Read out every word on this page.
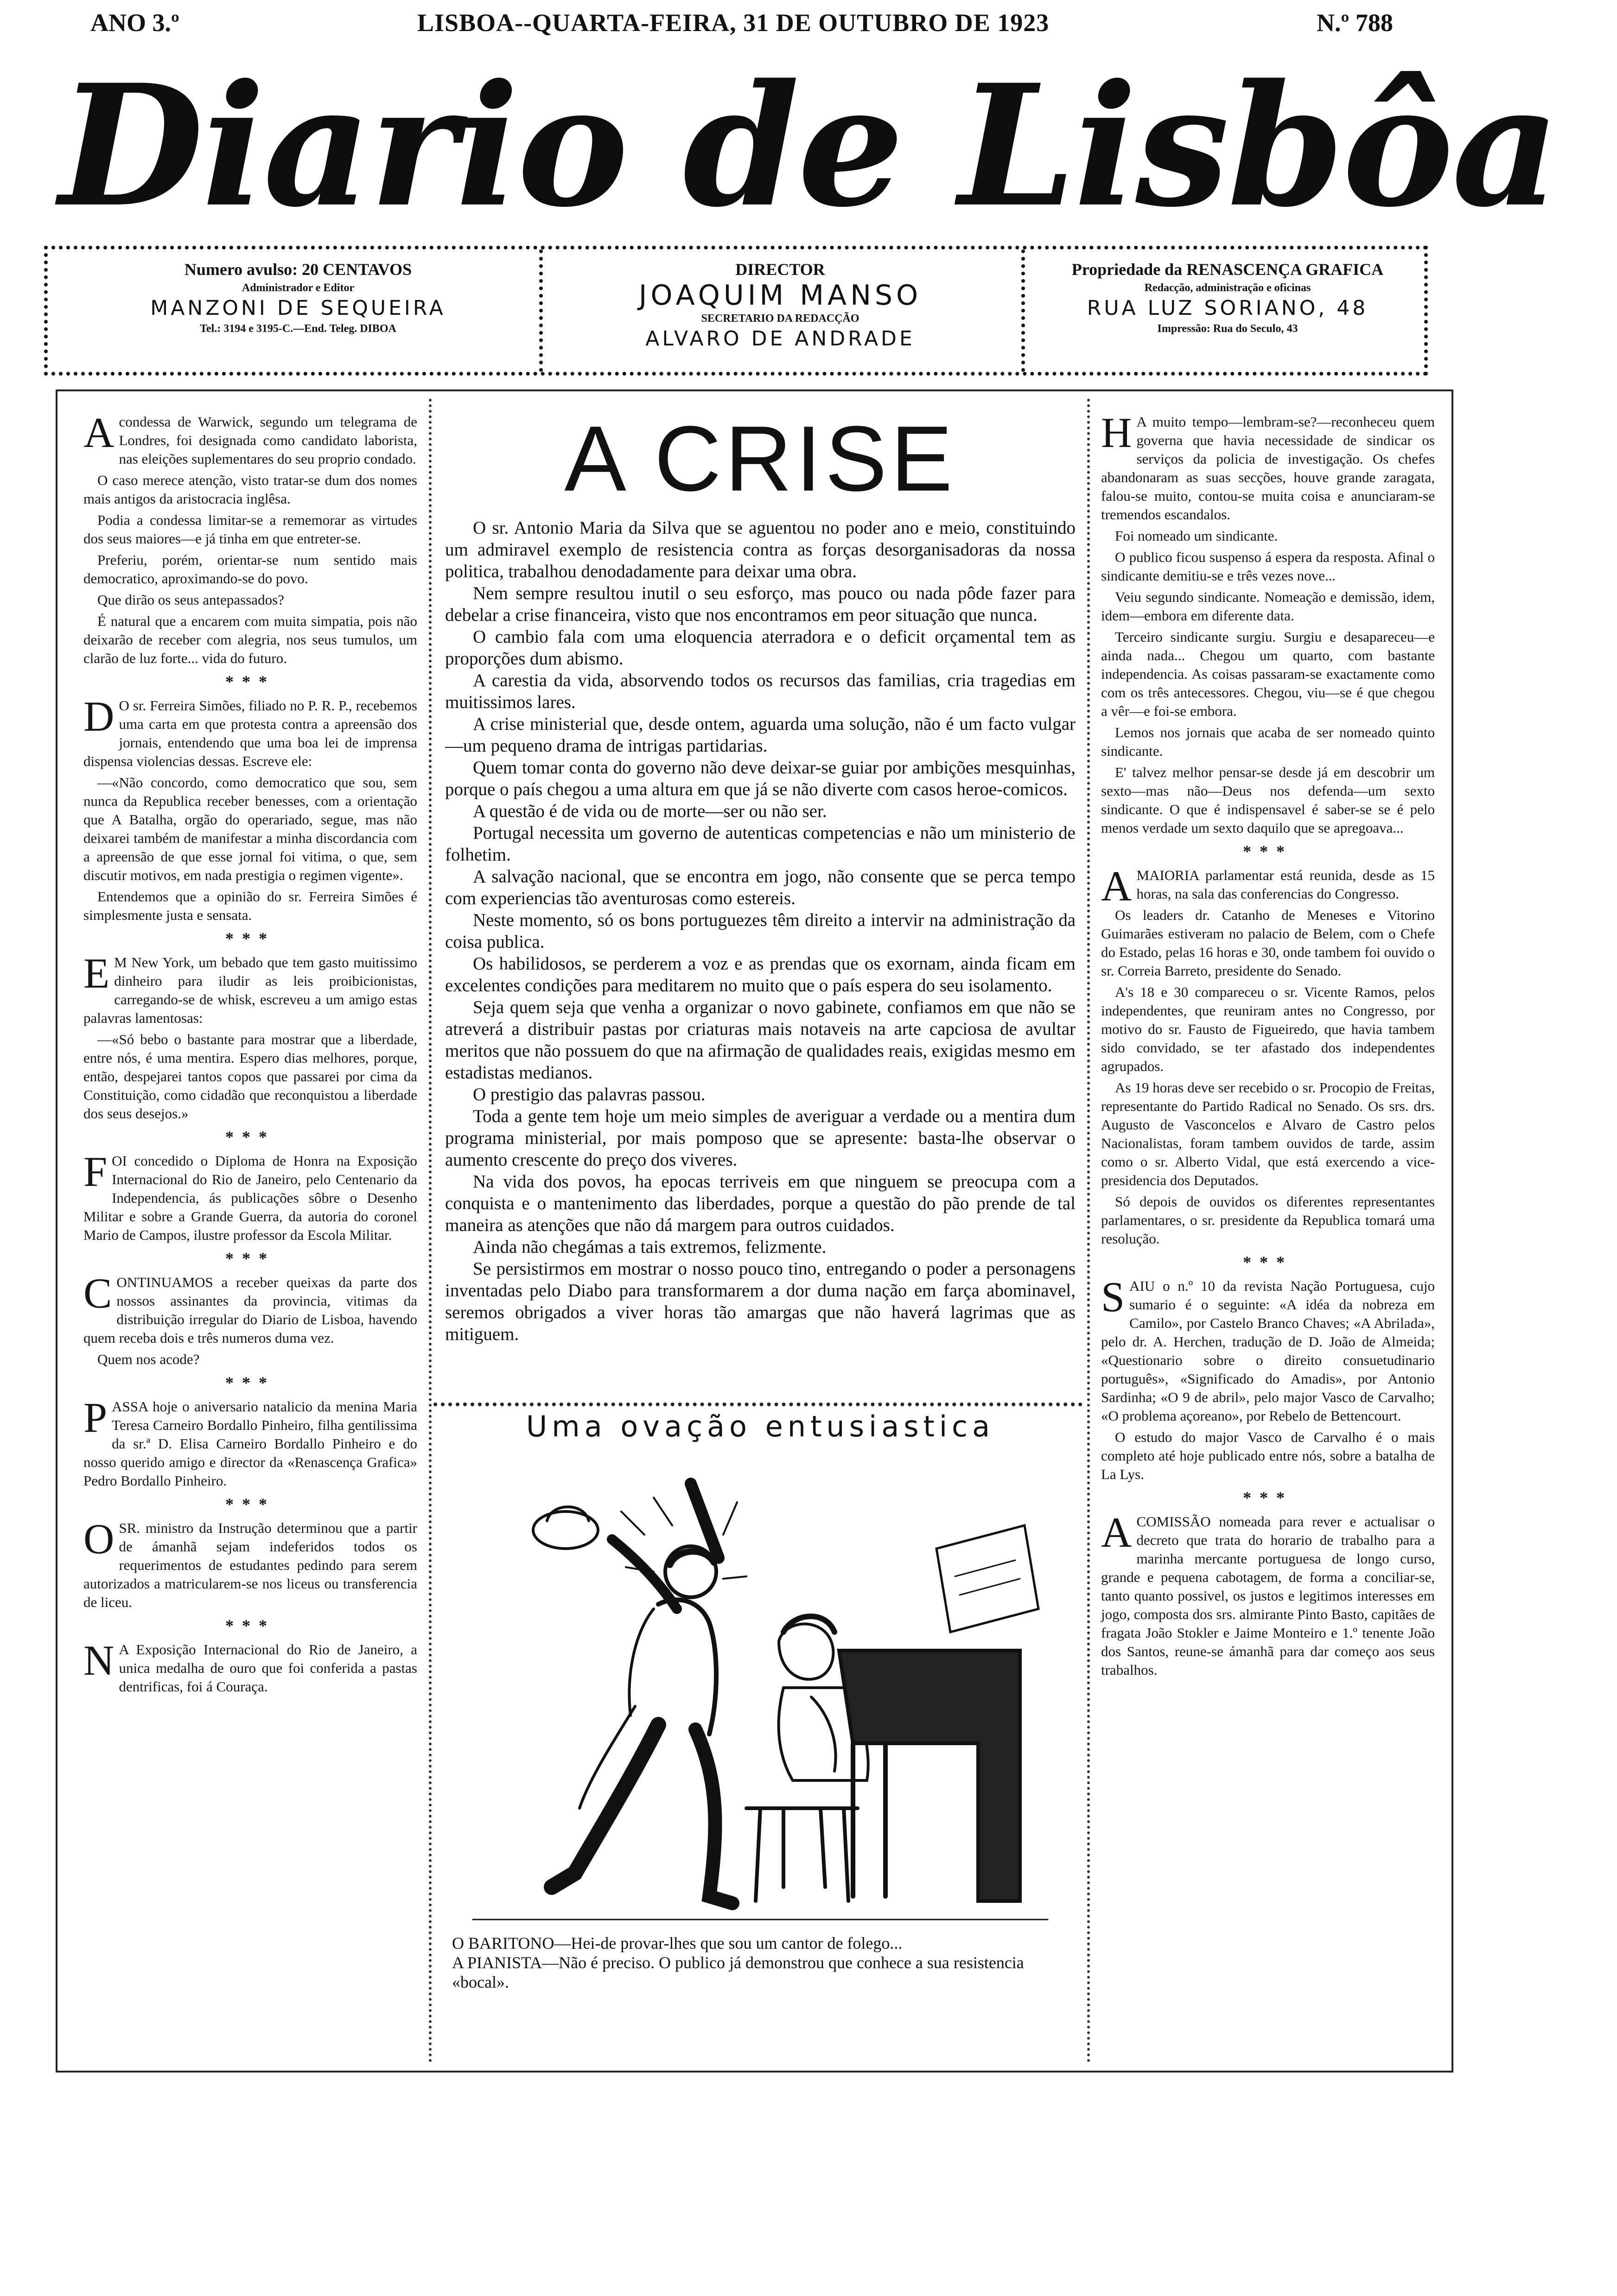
ANO 3.º	LISBOA--QUARTA-FEIRA, 31 DE OUTUBRO DE 1923	N.º 788
Diario de Lisbôa
Numero avulso: 20 CENTAVOS
Administrador e Editor
MANZONI DE SEQUEIRA
Tel.: 3194 e 3195-C.—End. Teleg. DIBOA
DIRECTOR
JOAQUIM MANSO
SECRETARIO DA REDACÇÃO
ALVARO DE ANDRADE
Propriedade da RENASCENÇA GRAFICA
Redacção, administração e oficinas
RUA LUZ SORIANO, 48
Impressão: Rua do Seculo, 43

Acondessa de Warwick, segundo um telegrama de Londres, foi designada como candidato laborista, nas eleições suplementares do seu proprio condado.

O caso merece atenção, visto tratar-se dum dos nomes mais antigos da aristocracia inglêsa.

Podia a condessa limitar-se a rememorar as virtudes dos seus maiores—e já tinha em que entreter-se.

Preferiu, porém, orientar-se num sentido mais democratico, aproximando-se do povo.

Que dirão os seus antepassados?

É natural que a encarem com muita simpatia, pois não deixarão de receber com alegria, nos seus tumulos, um clarão de luz forte... vida do futuro.

***

D O sr. Ferreira Simões, filiado no P. R. P., recebemos uma carta em que protesta contra a apreensão dos jornais, entendendo que uma boa lei de imprensa dispensa violencias dessas. Escreve ele:

—«Não concordo, como democratico que sou, sem nunca da Republica receber benesses, com a orientação que A Batalha, orgão do operariado, segue, mas não deixarei também de manifestar a minha discordancia com a apreensão de que esse jornal foi vitima, o que, sem discutir motivos, em nada prestigia o regimen vigente».

Entendemos que a opinião do sr. Ferreira Simões é simplesmente justa e sensata.

***

E M New York, um bebado que tem gasto muitissimo dinheiro para iludir as leis proibicionistas, carregando-se de whisk, escreveu a um amigo estas palavras lamentosas:

—«Só bebo o bastante para mostrar que a liberdade, entre nós, é uma mentira. Espero dias melhores, porque, então, despejarei tantos copos que passarei por cima da Constituição, como cidadão que reconquistou a liberdade dos seus desejos.»

***

FOI concedido o Diploma de Honra na Exposição Internacional do Rio de Janeiro, pelo Centenario da Independencia, ás publicações sôbre o Desenho Militar e sobre a Grande Guerra, da autoria do coronel Mario de Campos, ilustre professor da Escola Militar.

***

CONTINUAMOS a receber queixas da parte dos nossos assinantes da provincia, vitimas da distribuição irregular do Diario de Lisboa, havendo quem receba dois e três numeros duma vez.

Quem nos acode?

***

PASSA hoje o aniversario natalicio da menina Maria Teresa Carneiro Bordallo Pinheiro, filha gentilissima da sr.ª D. Elisa Carneiro Bordallo Pinheiro e do nosso querido amigo e director da «Renascença Grafica» Pedro Bordallo Pinheiro.

***

OSR. ministro da Instrução determinou que a partir de ámanhã sejam indeferidos todos os requerimentos de estudantes pedindo para serem autorizados a matricularem-se nos liceus ou transferencia de liceu.

***

N A Exposição Internacional do Rio de Janeiro, a unica medalha de ouro que foi conferida a pastas dentrificas, foi á Couraça.

A CRISE

O sr. Antonio Maria da Silva que se aguentou no poder ano e meio, constituindo um admiravel exemplo de resistencia contra as forças desorganisadoras da nossa politica, trabalhou denodadamente para deixar uma obra.

Nem sempre resultou inutil o seu esforço, mas pouco ou nada pôde fazer para debelar a crise financeira, visto que nos encontramos em peor situação que nunca.

O cambio fala com uma eloquencia aterradora e o deficit orçamental tem as proporções dum abismo.

A carestia da vida, absorvendo todos os recursos das familias, cria tragedias em muitissimos lares.

A crise ministerial que, desde ontem, aguarda uma solução, não é um facto vulgar—um pequeno drama de intrigas partidarias.

Quem tomar conta do governo não deve deixar-se guiar por ambições mesquinhas, porque o país chegou a uma altura em que já se não diverte com casos heroe-comicos.

A questão é de vida ou de morte—ser ou não ser.

Portugal necessita um governo de autenticas competencias e não um ministerio de folhetim.

A salvação nacional, que se encontra em jogo, não consente que se perca tempo com experiencias tão aventurosas como estereis.

Neste momento, só os bons portuguezes têm direito a intervir na administração da coisa publica.

Os habilidosos, se perderem a voz e as prendas que os exornam, ainda ficam em excelentes condições para meditarem no muito que o país espera do seu isolamento.

Seja quem seja que venha a organizar o novo gabinete, confiamos em que não se atreverá a distribuir pastas por criaturas mais notaveis na arte capciosa de avultar meritos que não possuem do que na afirmação de qualidades reais, exigidas mesmo em estadistas medianos.

O prestigio das palavras passou.

Toda a gente tem hoje um meio simples de averiguar a verdade ou a mentira dum programa ministerial, por mais pomposo que se apresente: basta-lhe observar o aumento crescente do preço dos viveres.

Na vida dos povos, ha epocas terriveis em que ninguem se preocupa com a conquista e o mantenimento das liberdades, porque a questão do pão prende de tal maneira as atenções que não dá margem para outros cuidados.

Ainda não chegámas a tais extremos, felizmente.

Se persistirmos em mostrar o nosso pouco tino, entregando o poder a personagens inventadas pelo Diabo para transformarem a dor duma nação em farça abominavel, seremos obrigados a viver horas tão amargas que não haverá lagrimas que as mitiguem.

Uma ovação entusiastica

O BARITONO—Hei-de provar-lhes que sou um cantor de folego...

A PIANISTA—Não é preciso. O publico já demonstrou que conhece a sua resistencia «bocal».

H A muito tempo—lembram-se?—reconheceu quem governa que havia necessidade de sindicar os serviços da policia de investigação. Os chefes abandonaram as suas secções, houve grande zaragata, falou-se muito, contou-se muita coisa e anunciaram-se tremendos escandalos.

Foi nomeado um sindicante.

O publico ficou suspenso á espera da resposta. Afinal o sindicante demitiu-se e três vezes nove...

Veiu segundo sindicante. Nomeação e demissão, idem, idem—embora em diferente data.

Terceiro sindicante surgiu. Surgiu e desapareceu—e ainda nada... Chegou um quarto, com bastante independencia. As coisas passaram-se exactamente como com os três antecessores. Chegou, viu—se é que chegou a vêr—e foi-se embora.

Lemos nos jornais que acaba de ser nomeado quinto sindicante.

E' talvez melhor pensar-se desde já em descobrir um sexto—mas não—Deus nos defenda—um sexto sindicante. O que é indispensavel é saber-se se é pelo menos verdade um sexto daquilo que se apregoava...

***

AMAIORIA parlamentar está reunida, desde as 15 horas, na sala das conferencias do Congresso.

Os leaders dr. Catanho de Meneses e Vitorino Guimarães estiveram no palacio de Belem, com o Chefe do Estado, pelas 16 horas e 30, onde tambem foi ouvido o sr. Correia Barreto, presidente do Senado.

A's 18 e 30 compareceu o sr. Vicente Ramos, pelos independentes, que reuniram antes no Congresso, por motivo do sr. Fausto de Figueiredo, que havia tambem sido convidado, se ter afastado dos independentes agrupados.

As 19 horas deve ser recebido o sr. Procopio de Freitas, representante do Partido Radical no Senado. Os srs. drs. Augusto de Vasconcelos e Alvaro de Castro pelos Nacionalistas, foram tambem ouvidos de tarde, assim como o sr. Alberto Vidal, que está exercendo a vice-presidencia dos Deputados.

Só depois de ouvidos os diferentes representantes parlamentares, o sr. presidente da Republica tomará uma resolução.

***

SAIU o n.º 10 da revista Nação Portuguesa, cujo sumario é o seguinte: «A idéa da nobreza em Camilo», por Castelo Branco Chaves; «A Abrilada», pelo dr. A. Herchen, tradução de D. João de Almeida; «Questionario sobre o direito consuetudinario português», «Significado do Amadis», por Antonio Sardinha; «O 9 de abril», pelo major Vasco de Carvalho; «O problema açoreano», por Rebelo de Bettencourt.

O estudo do major Vasco de Carvalho é o mais completo até hoje publicado entre nós, sobre a batalha de La Lys.

***

ACOMISSÃO nomeada para rever e actualisar o decreto que trata do horario de trabalho para a marinha mercante portuguesa de longo curso, grande e pequena cabotagem, de forma a conciliar-se, tanto quanto possivel, os justos e legitimos interesses em jogo, composta dos srs. almirante Pinto Basto, capitães de fragata João Stokler e Jaime Monteiro e 1.º tenente João dos Santos, reune-se ámanhã para dar começo aos seus trabalhos.
